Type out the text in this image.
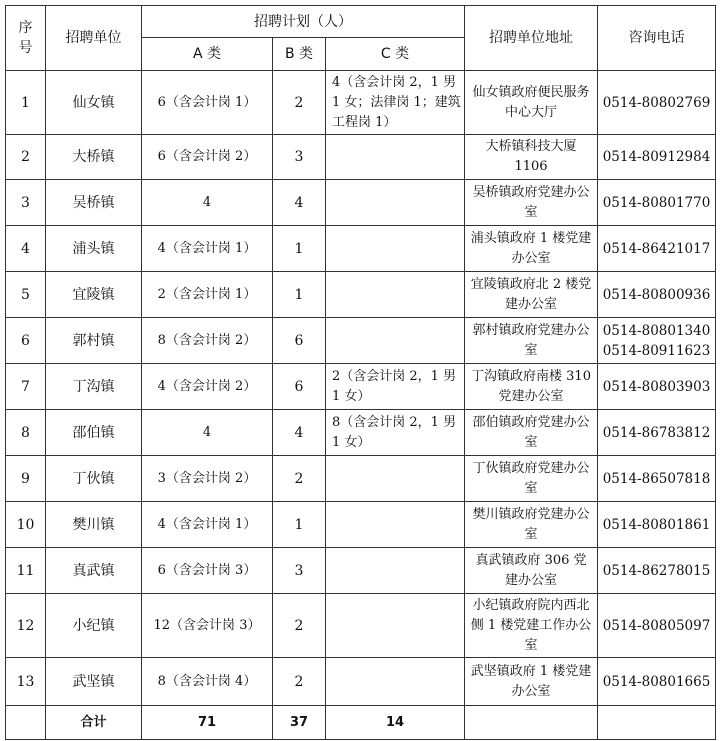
序号	招聘单位	招聘计划（人）			招聘单位地址	咨询电话
		A 类	B 类	C 类		
1	仙女镇	6（含会计岗 1）	2	4（含会计岗 2，1 男 1 女；法律岗 1；建筑工程岗 1）	仙女镇政府便民服务中心大厅	0514-80802769
2	大桥镇	6（含会计岗 2）	3		大桥镇科技大厦 1106	0514-80912984
3	吴桥镇	4	4		吴桥镇政府党建办公室	0514-80801770
4	浦头镇	4（含会计岗 1）	1		浦头镇政府 1 楼党建办公室	0514-86421017
5	宜陵镇	2（含会计岗 1）	1		宜陵镇政府北 2 楼党建办公室	0514-80800936
6	郭村镇	8（含会计岗 2）	6		郭村镇政府党建办公室	0514-80801340
0514-80911623
7	丁沟镇	4（含会计岗 2）	6	2（含会计岗 2，1 男 1 女）	丁沟镇政府南楼 310 党建办公室	0514-80803903
8	邵伯镇	4	4	8（含会计岗 2，1 男 1 女）	邵伯镇政府党建办公室	0514-86783812
9	丁伙镇	3（含会计岗 2）	2		丁伙镇政府党建办公室	0514-86507818
10	樊川镇	4（含会计岗 1）	1		樊川镇政府党建办公室	0514-80801861
11	真武镇	6（含会计岗 3）	3		真武镇政府 306 党建办公室	0514-86278015
12	小纪镇	12（含会计岗 3）	2		小纪镇政府院内西北侧 1 楼党建工作办公室	0514-80805097
13	武坚镇	8（含会计岗 4）	2		武坚镇政府 1 楼党建办公室	0514-80801665
	合计	71	37	14		
